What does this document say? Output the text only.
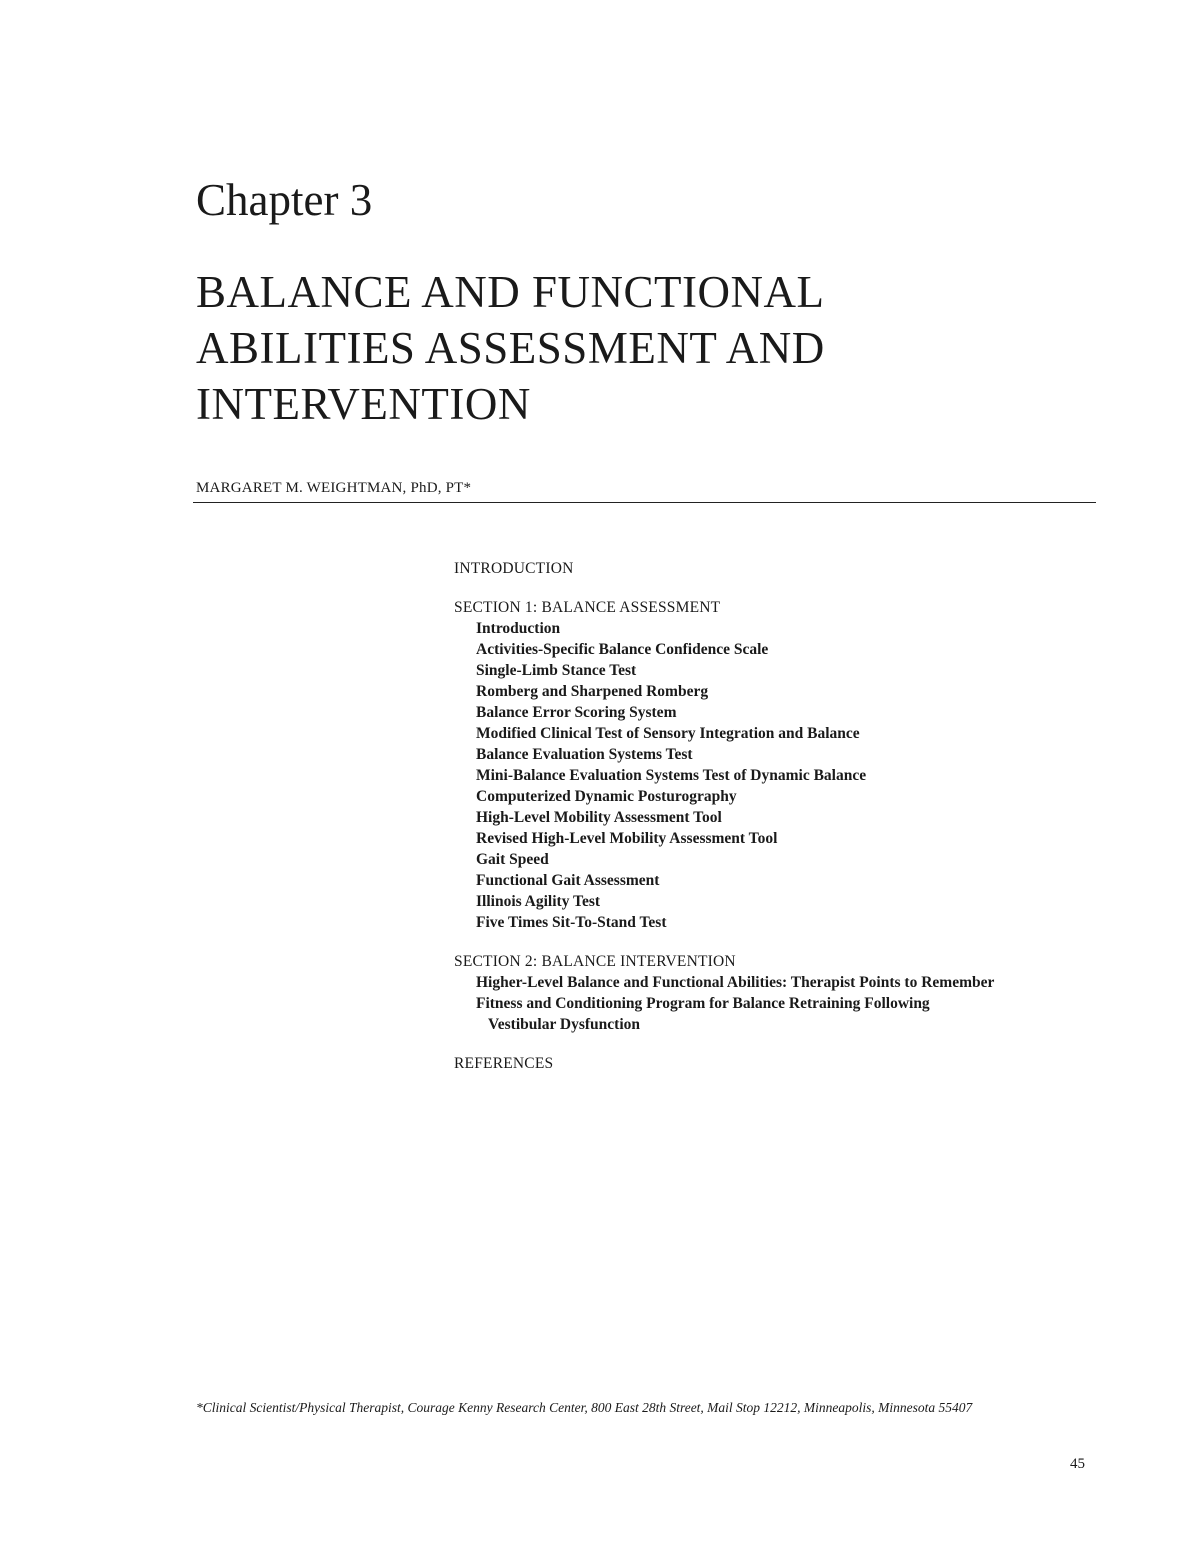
Chapter 3
BALANCE AND FUNCTIONAL
ABILITIES ASSESSMENT AND
INTERVENTION
MARGARET M. WEIGHTMAN, PhD, PT*
INTRODUCTION
SECTION 1: BALANCE ASSESSMENT
Introduction
Activities-Specific Balance Confidence Scale
Single-Limb Stance Test
Romberg and Sharpened Romberg
Balance Error Scoring System
Modified Clinical Test of Sensory Integration and Balance
Balance Evaluation Systems Test
Mini-Balance Evaluation Systems Test of Dynamic Balance
Computerized Dynamic Posturography
High-Level Mobility Assessment Tool
Revised High-Level Mobility Assessment Tool
Gait Speed
Functional Gait Assessment
Illinois Agility Test
Five Times Sit-To-Stand Test
SECTION 2: BALANCE INTERVENTION
Higher-Level Balance and Functional Abilities: Therapist Points to Remember
Fitness and Conditioning Program for Balance Retraining Following
Vestibular Dysfunction
REFERENCES
*Clinical Scientist/Physical Therapist, Courage Kenny Research Center, 800 East 28th Street, Mail Stop 12212, Minneapolis, Minnesota 55407
45
